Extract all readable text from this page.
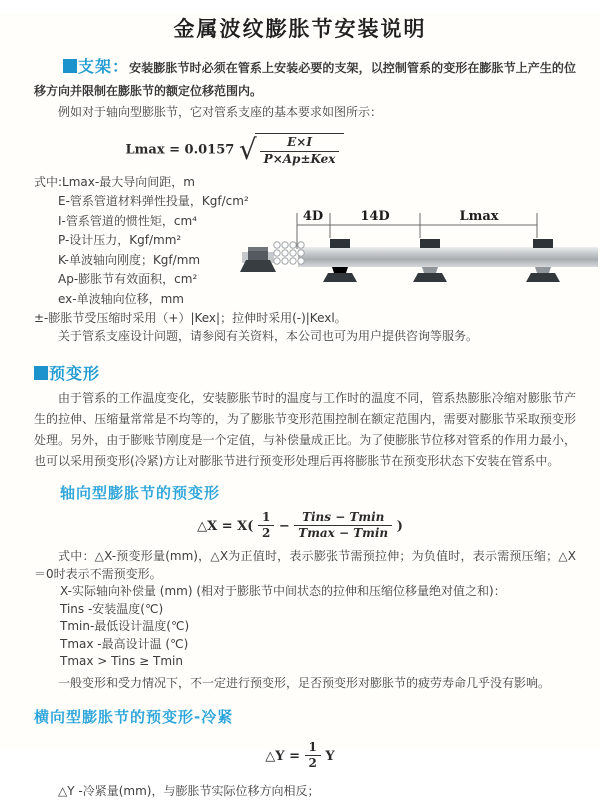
金属波纹膨胀节安装说明

支架：安装膨胀节时必须在管系上安装必要的支架，以控制管系的变形在膨胀节上产生的位移方向并限制在膨胀节的额定位移范围内。

例如对于轴向型膨胀节，它对管系支座的基本要求如图所示：

Lmax = 0.0157 √ $\frac{E\times I}{\text{P×Ap±Kex}}$
式中:Lmax-最大导向间距，m
E-管系管道材料弹性投量，Kgf/cm²
I-管系管道的惯性矩，cm⁴
P-设计压力，Kgf/mm²
K-单波轴向刚度；Kgf/mm
Ap-膨胀节有效面积，cm²
ex-单波轴向位移，mm
±-膨胀节受压缩时采用（+）|Kex|；拉伸时采用(-)|Kexl。

关于管系支座设计问题，请参阅有关资料，本公司也可为用户提供咨询等服务。

4D	14D	Lmax
预变形

由于管系的工作温度变化，安装膨胀节时的温度与工作时的温度不同，管系热膨胀冷缩对膨胀节产生的拉伸、压缩量常常是不均等的，为了膨胀节变形范围控制在额定范围内，需要对膨胀节采取预变形处理。另外，由于膨账节刚度是一个定值，与补偿量成正比。为了使膨胀节位移对管系的作用力最小，也可以采用预变形(冷紧)方让对膨胀节进行预变形处理后再将膨胀节在预变形状态下安装在管系中。

轴向型膨胀节的预变形
△X = $X( \frac{1}{2} - \frac{\text{Tins − Tmin}}{Tmax - Tmin}$ )

式中：△X-预变形量(mm)，△X为正值时，表示膨张节需预拉伸；为负值时，表示需预压缩；△X＝0时表示不需预变形。

X-实际轴向补偿量 (mm) (相对于膨胀节中间状态的拉伸和压缩位移量绝对值之和)：
Tins -安装温度(℃)
Tmin-最低设计温度(℃)
Tmax -最高设计温 (℃)
Tmax > Tins ≥ Tmin

一般变形和受力情况下，不一定进行预变形，足否预变形对膨胀节的疲劳寿命几乎没有影响。

横向型膨胀节的预变形-冷紧
△Y = $\frac{1}{2}$ Y

△Y -冷紧量(mm)，与膨胀节实际位移方向相反；
